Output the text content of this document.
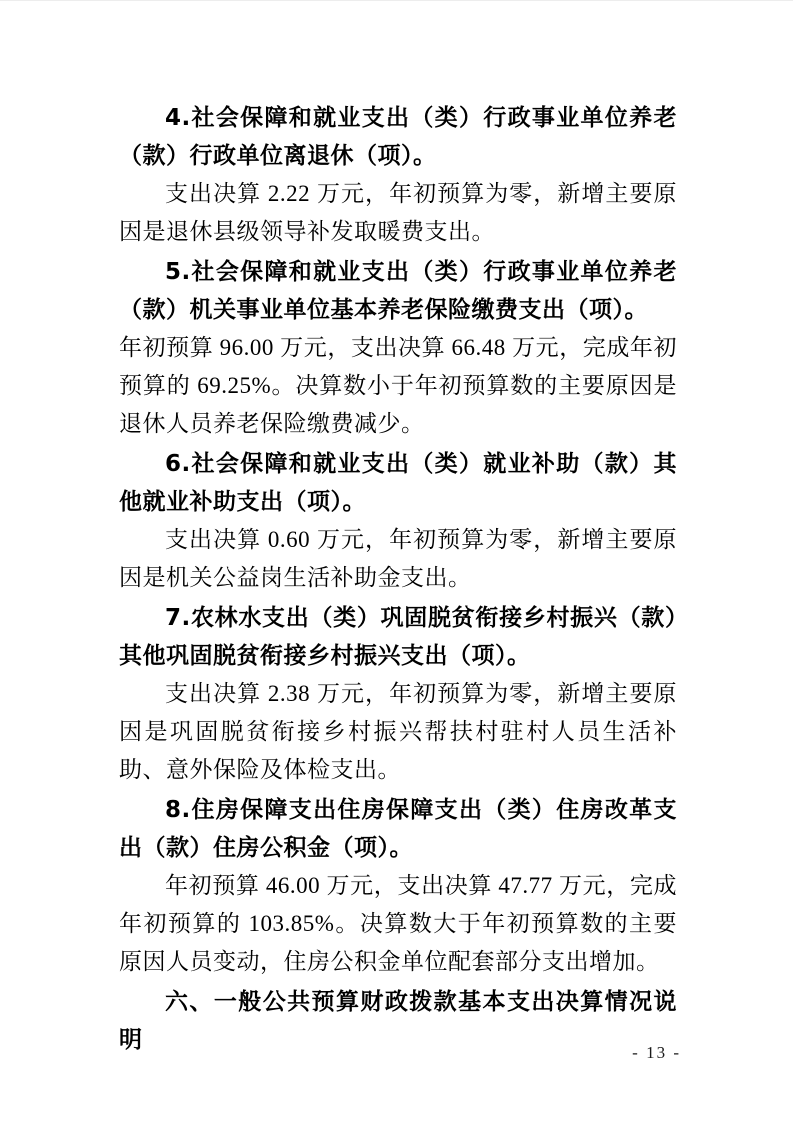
4.社会保障和就业支出（类）行政事业单位养老（款）行政单位离退休（项）。

支出决算 2.22 万元，年初预算为零，新增主要原因是退休县级领导补发取暖费支出。

5.社会保障和就业支出（类）行政事业单位养老（款）机关事业单位基本养老保险缴费支出（项）。

年初预算 96.00 万元，支出决算 66.48 万元，完成年初预算的 69.25%。决算数小于年初预算数的主要原因是退休人员养老保险缴费减少。

6.社会保障和就业支出（类）就业补助（款）其他就业补助支出（项）。

支出决算 0.60 万元，年初预算为零，新增主要原因是机关公益岗生活补助金支出。

7.农林水支出（类）巩固脱贫衔接乡村振兴（款）其他巩固脱贫衔接乡村振兴支出（项）。

支出决算 2.38 万元，年初预算为零，新增主要原因是巩固脱贫衔接乡村振兴帮扶村驻村人员生活补助、意外保险及体检支出。

8.住房保障支出住房保障支出（类）住房改革支出（款）住房公积金（项）。

年初预算 46.00 万元，支出决算 47.77 万元，完成年初预算的 103.85%。决算数大于年初预算数的主要原因人员变动，住房公积金单位配套部分支出增加。

六、一般公共预算财政拨款基本支出决算情况说明	- 13 -
